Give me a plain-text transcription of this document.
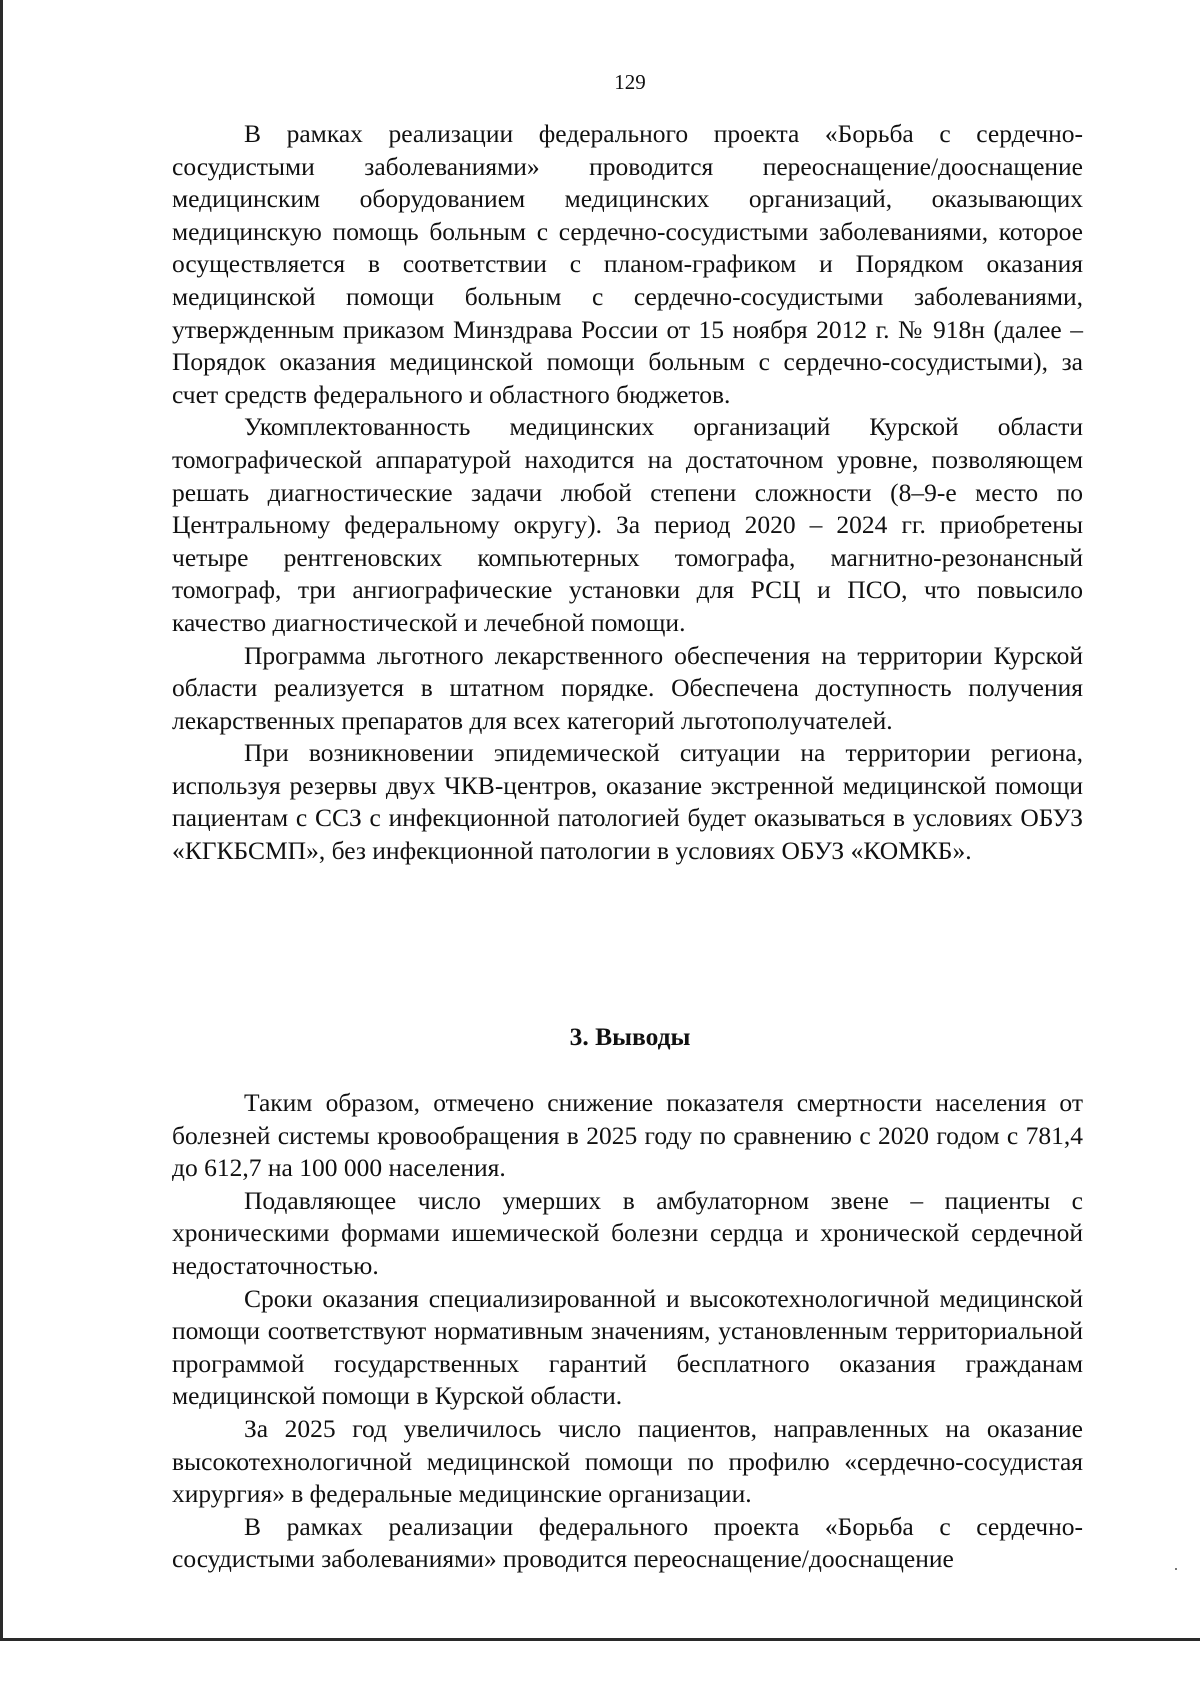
129

В рамках реализации федерального проекта «Борьба с сердечно-сосудистыми заболеваниями» проводится переоснащение/дооснащение медицинским оборудованием медицинских организаций, оказывающих медицинскую помощь больным с сердечно-сосудистыми заболеваниями, которое осуществляется в соответствии с планом-графиком и Порядком оказания медицинской помощи больным с сердечно-сосудистыми заболеваниями, утвержденным приказом Минздрава России от 15 ноября 2012 г. № 918н (далее – Порядок оказания медицинской помощи больным с сердечно-сосудистыми), за счет средств федерального и областного бюджетов.

Укомплектованность медицинских организаций Курской области томографической аппаратурой находится на достаточном уровне, позволяющем решать диагностические задачи любой степени сложности (8–9-е место по Центральному федеральному округу). За период 2020 – 2024 гг. приобретены четыре рентгеновских компьютерных томографа, магнитно-резонансный томограф, три ангиографические установки для РСЦ и ПСО, что повысило качество диагностической и лечебной помощи.

Программа льготного лекарственного обеспечения на территории Курской области реализуется в штатном порядке. Обеспечена доступность получения лекарственных препаратов для всех категорий льготополучателей.

При возникновении эпидемической ситуации на территории региона, используя резервы двух ЧКВ-центров, оказание экстренной медицинской помощи пациентам с ССЗ с инфекционной патологией будет оказываться в условиях ОБУЗ «КГКБСМП», без инфекционной патологии в условиях ОБУЗ «КОМКБ».

3. Выводы

Таким образом, отмечено снижение показателя смертности населения от болезней системы кровообращения в 2025 году по сравнению с 2020 годом с 781,4 до 612,7 на 100 000 населения.

Подавляющее число умерших в амбулаторном звене – пациенты с хроническими формами ишемической болезни сердца и хронической сердечной недостаточностью.

Сроки оказания специализированной и высокотехнологичной медицинской помощи соответствуют нормативным значениям, установленным территориальной программой государственных гарантий бесплатного оказания гражданам медицинской помощи в Курской области.

За 2025 год увеличилось число пациентов, направленных на оказание высокотехнологичной медицинской помощи по профилю «сердечно-сосудистая хирургия» в федеральные медицинские организации.

В рамках реализации федерального проекта «Борьба с сердечно-сосудистыми заболеваниями» проводится переоснащение/дооснащение
